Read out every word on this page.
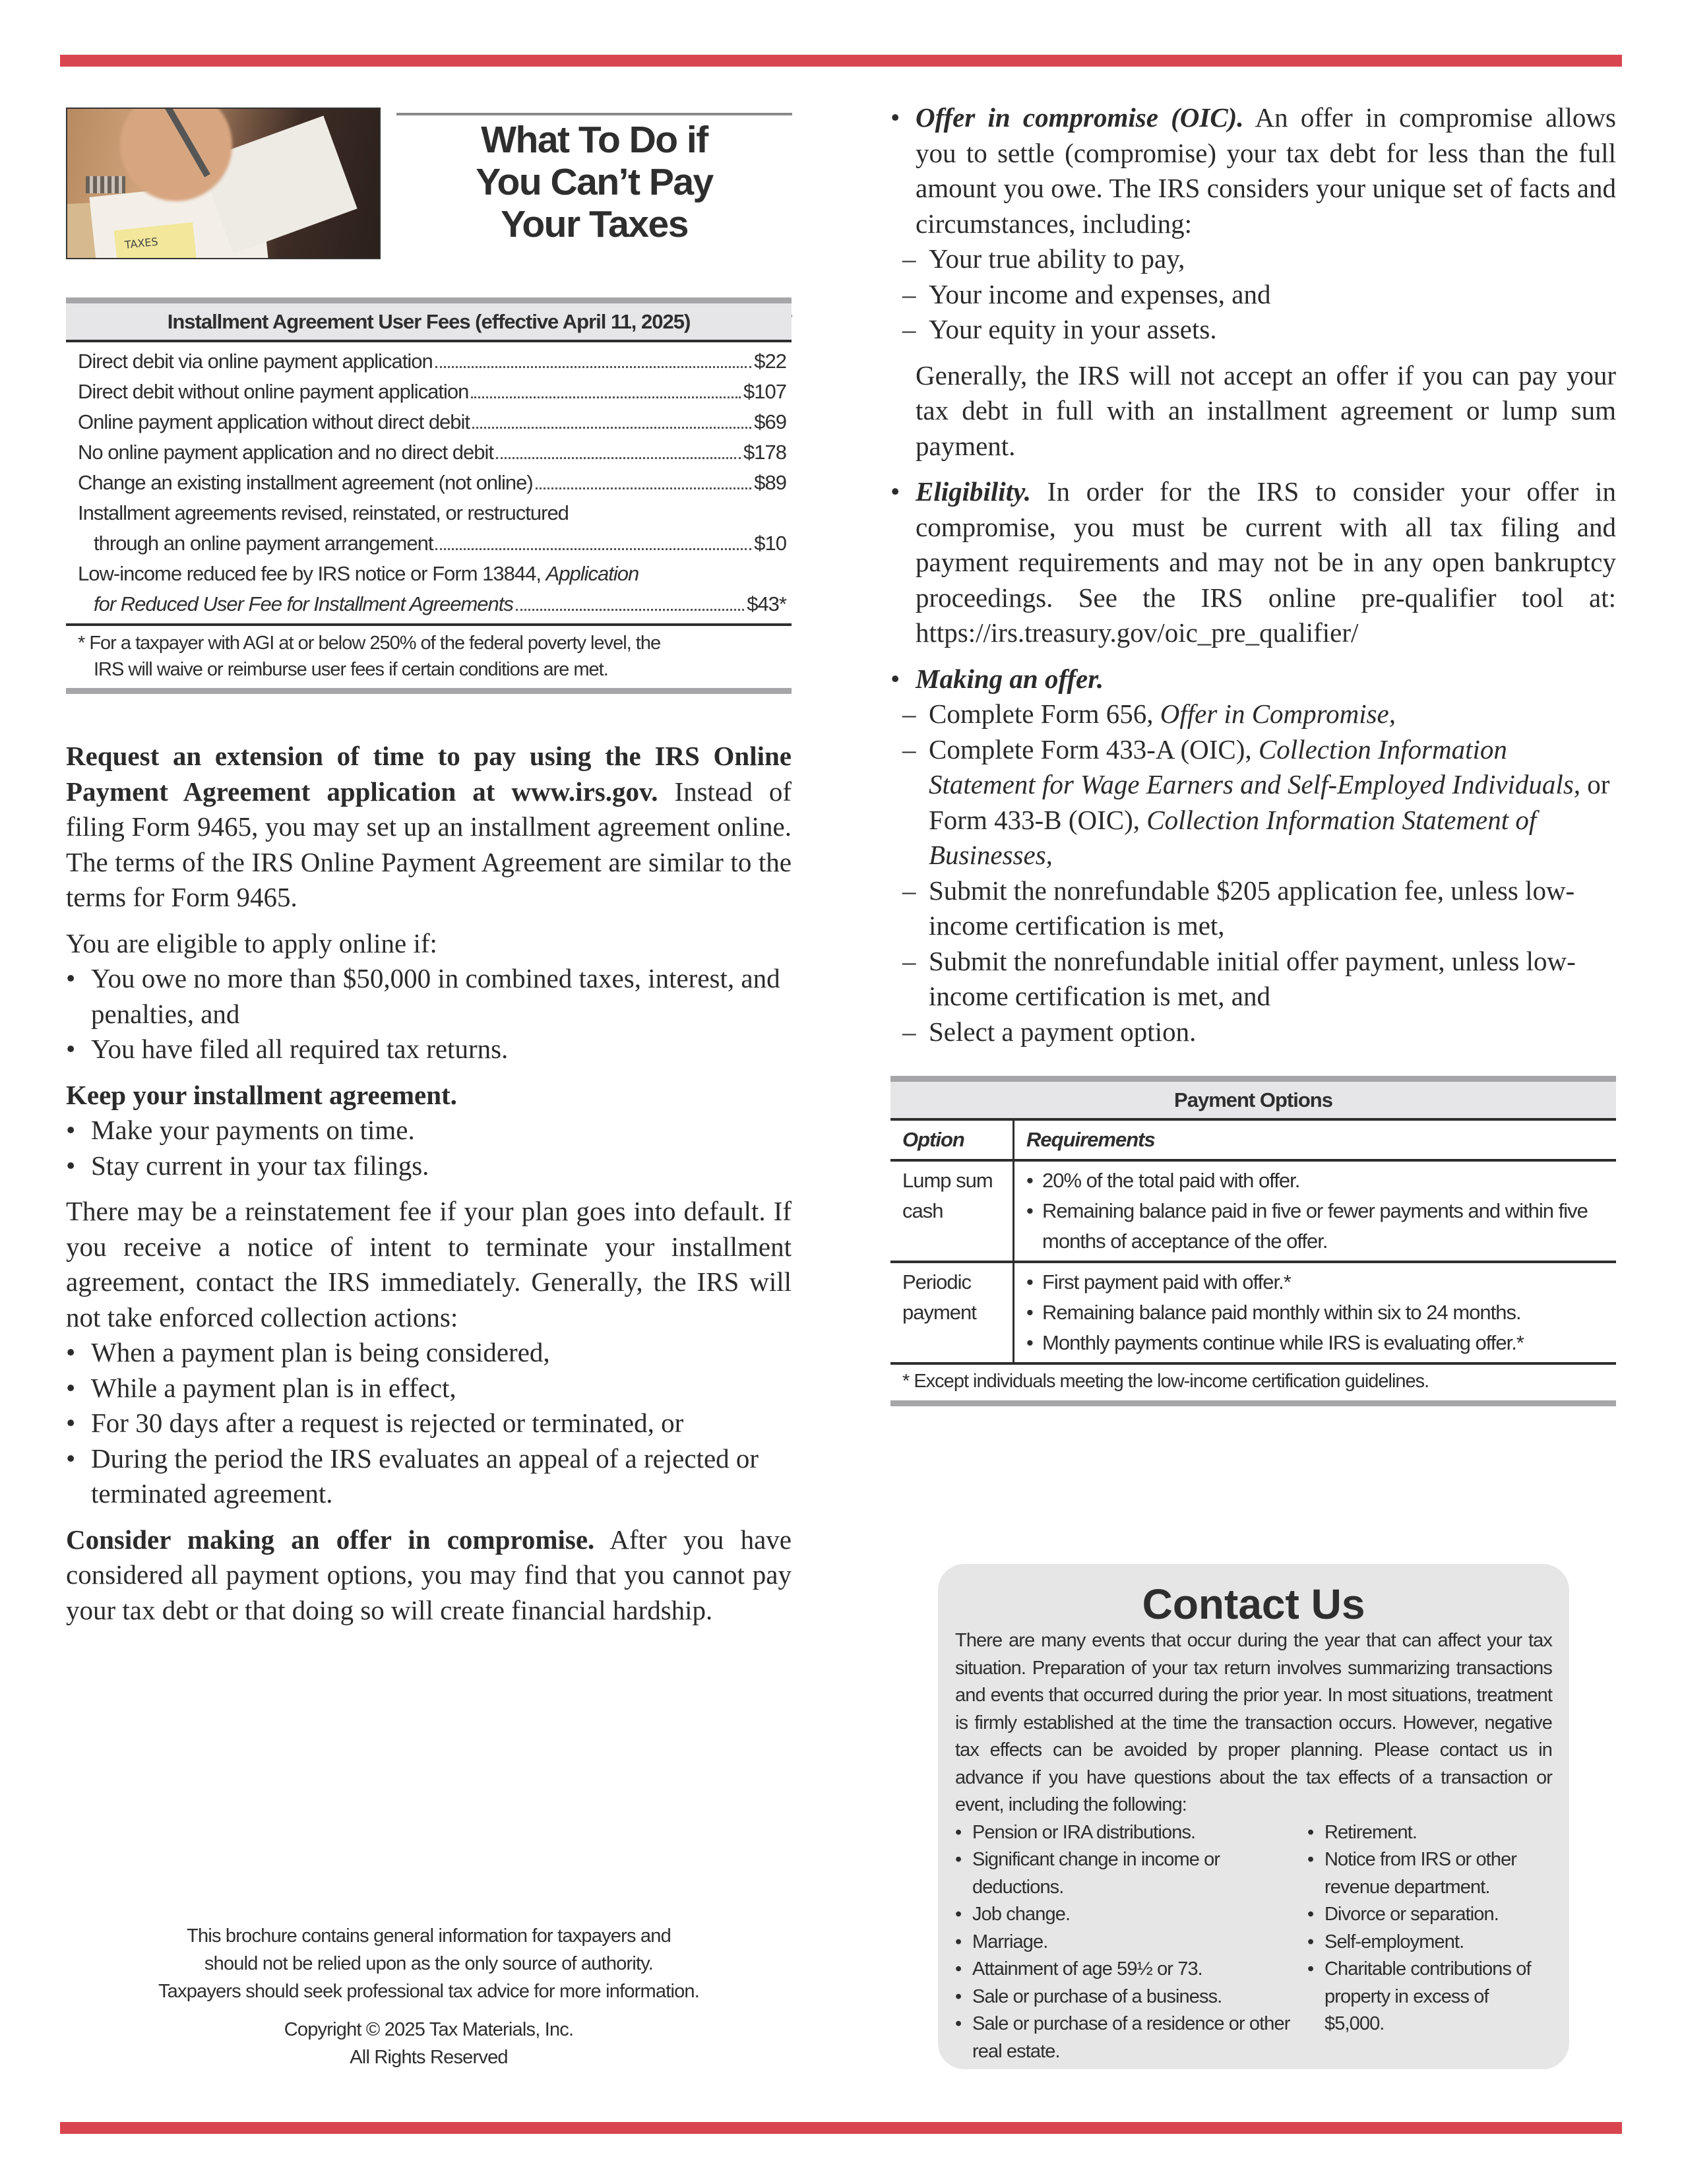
TAXES
What To Do if
You Can’t Pay
Your Taxes
Installment Agreement User Fees (effective April 11, 2025)
Direct debit via online payment application	$22
Direct debit without online payment application	$107
Online payment application without direct debit	$69
No online payment application and no direct debit	$178
Change an existing installment agreement (not online)	$89
Installment agreements revised, reinstated, or restructured
through an online payment arrangement	$10
Low-income reduced fee by IRS notice or Form 13844, Application
for Reduced User Fee for Installment Agreements	$43*
* For a taxpayer with AGI at or below 250% of the federal poverty level, the
IRS will waive or reimburse user fees if certain conditions are met.

Request an extension of time to pay using the IRS Online Payment Agreement application at www.irs.gov. Instead of filing Form 9465, you may set up an installment agreement online. The terms of the IRS Online Payment Agreement are similar to the terms for Form 9465.

You are eligible to apply online if:

• You owe no more than $50,000 in combined taxes, interest, and penalties, and

• You have filed all required tax returns.

Keep your installment agreement.

• Make your payments on time.

• Stay current in your tax filings.

There may be a reinstatement fee if your plan goes into default. If you receive a notice of intent to terminate your installment agreement, contact the IRS immediately. Generally, the IRS will not take enforced collection actions:

• When a payment plan is being considered,

• While a payment plan is in effect,

• For 30 days after a request is rejected or terminated, or

• During the period the IRS evaluates an appeal of a rejected or terminated agreement.

Consider making an offer in compromise. After you have considered all payment options, you may find that you cannot pay your tax debt or that doing so will create financial hardship.

This brochure contains general information for taxpayers and
should not be relied upon as the only source of authority.
Taxpayers should seek professional tax advice for more information.
Copyright © 2025 Tax Materials, Inc.
All Rights Reserved

• Offer in compromise (OIC). An offer in compromise allows you to settle (compromise) your tax debt for less than the full amount you owe. The IRS considers your unique set of facts and circumstances, including:

– Your true ability to pay,

– Your income and expenses, and

– Your equity in your assets.

Generally, the IRS will not accept an offer if you can pay your tax debt in full with an installment agreement or lump sum payment.

• Eligibility. In order for the IRS to consider your offer in compromise, you must be current with all tax filing and payment requirements and may not be in any open bankruptcy proceedings. See the IRS online pre-qualifier tool at: https://irs.treasury.gov/oic_pre_qualifier/

• Making an offer.

– Complete Form 656, Offer in Compromise,

– Complete Form 433-A (OIC), Collection Information Statement for Wage Earners and Self-Employed Individuals, or Form 433-B (OIC), Collection Information Statement of Businesses,

– Submit the nonrefundable $205 application fee, unless low-income certification is met,

– Submit the nonrefundable initial offer payment, unless low-income certification is met, and

– Select a payment option.

Payment Options
Option	Requirements
Lump sum cash
• 20% of the total paid with offer.
• Remaining balance paid in five or fewer payments and within five months of acceptance of the offer.
Periodic payment
• First payment paid with offer.*
• Remaining balance paid monthly within six to 24 months.
• Monthly payments continue while IRS is evaluating offer.*
* Except individuals meeting the low-income certification guidelines.
Contact Us

There are many events that occur during the year that can affect your tax situation. Preparation of your tax return involves summarizing transactions and events that occurred during the prior year. In most situations, treatment is firmly established at the time the transaction occurs. However, negative tax effects can be avoided by proper planning. Please contact us in advance if you have questions about the tax effects of a transaction or event, including the following:

• Pension or IRA distributions.
• Significant change in income or deductions.
• Job change.
• Marriage.
• Attainment of age 59½ or 73.
• Sale or purchase of a business.
• Sale or purchase of a residence or other real estate.
• Retirement.
• Notice from IRS or other revenue department.
• Divorce or separation.
• Self-employment.
• Charitable contributions of property in excess of $5,000.
